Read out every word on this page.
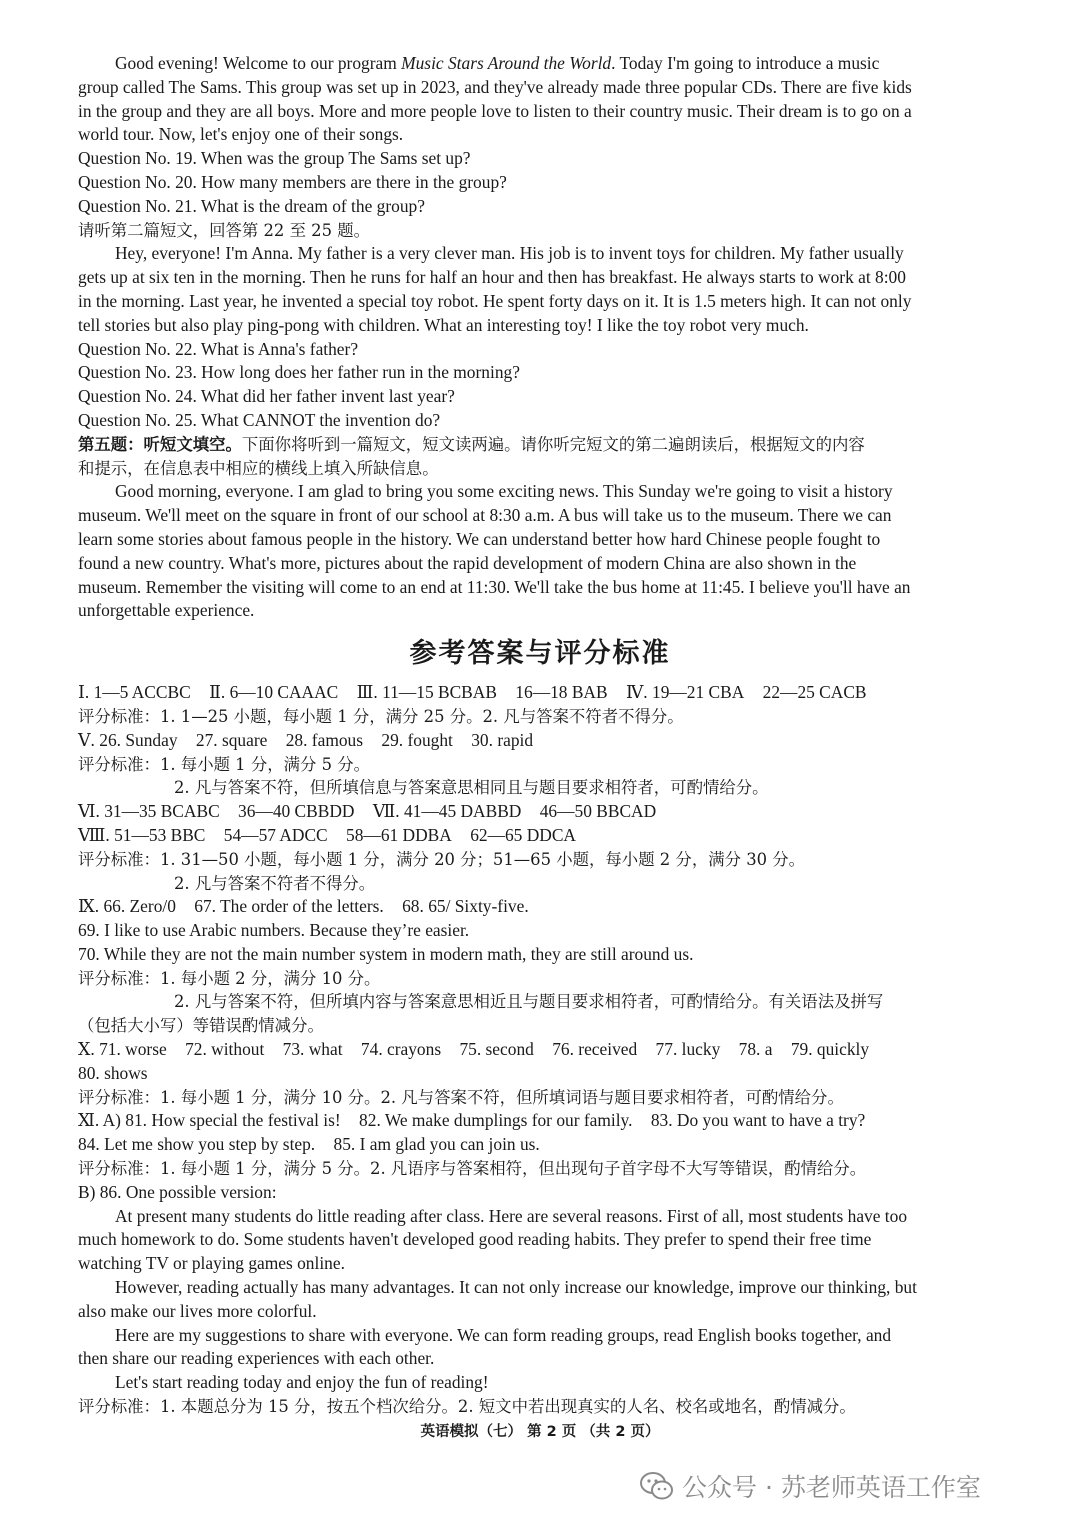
Good evening! Welcome to our program Music Stars Around the World. Today I'm going to introduce a music

group called The Sams. This group was set up in 2023, and they've already made three popular CDs. There are five kids

in the group and they are all boys. More and more people love to listen to their country music. Their dream is to go on a

world tour. Now, let's enjoy one of their songs.

Question No. 19. When was the group The Sams set up?

Question No. 20. How many members are there in the group?

Question No. 21. What is the dream of the group?

请听第二篇短文，回答第 22 至 25 题。

Hey, everyone! I'm Anna. My father is a very clever man. His job is to invent toys for children. My father usually

gets up at six ten in the morning. Then he runs for half an hour and then has breakfast. He always starts to work at 8:00

in the morning. Last year, he invented a special toy robot. He spent forty days on it. It is 1.5 meters high. It can not only

tell stories but also play ping-pong with children. What an interesting toy! I like the toy robot very much.

Question No. 22. What is Anna's father?

Question No. 23. How long does her father run in the morning?

Question No. 24. What did her father invent last year?

Question No. 25. What CANNOT the invention do?

第五题：听短文填空。下面你将听到一篇短文，短文读两遍。请你听完短文的第二遍朗读后，根据短文的内容

和提示，在信息表中相应的横线上填入所缺信息。

Good morning, everyone. I am glad to bring you some exciting news. This Sunday we're going to visit a history

museum. We'll meet on the square in front of our school at 8:30 a.m. A bus will take us to the museum. There we can

learn some stories about famous people in the history. We can understand better how hard Chinese people fought to

found a new country. What's more, pictures about the rapid development of modern China are also shown in the

museum. Remember the visiting will come to an end at 11:30. We'll take the bus home at 11:45. I believe you'll have an

unforgettable experience.

参考答案与评分标准

Ⅰ. 1—5 ACCBC Ⅱ. 6—10 CAAAC Ⅲ. 11—15 BCBAB 16—18 BAB Ⅳ. 19—21 CBA 22—25 CACB

评分标准：1. 1—25 小题，每小题 1 分，满分 25 分。2. 凡与答案不符者不得分。

Ⅴ. 26. Sunday 27. square 28. famous 29. fought 30. rapid

评分标准：1. 每小题 1 分，满分 5 分。

2. 凡与答案不符，但所填信息与答案意思相同且与题目要求相符者，可酌情给分。

Ⅵ. 31—35 BCABC 36—40 CBBDD Ⅶ. 41—45 DABBD 46—50 BBCAD

Ⅷ. 51—53 BBC 54—57 ADCC 58—61 DDBA 62—65 DDCA

评分标准：1. 31—50 小题，每小题 1 分，满分 20 分；51—65 小题，每小题 2 分，满分 30 分。

2. 凡与答案不符者不得分。

Ⅸ. 66. Zero/0 67. The order of the letters. 68. 65/ Sixty-five.

69. I like to use Arabic numbers. Because they’re easier.

70. While they are not the main number system in modern math, they are still around us.

评分标准：1. 每小题 2 分，满分 10 分。

2. 凡与答案不符，但所填内容与答案意思相近且与题目要求相符者，可酌情给分。有关语法及拼写

（包括大小写）等错误酌情减分。

Ⅹ. 71. worse 72. without 73. what 74. crayons 75. second 76. received 77. lucky 78. a 79. quickly

80. shows

评分标准：1. 每小题 1 分，满分 10 分。2. 凡与答案不符，但所填词语与题目要求相符者，可酌情给分。

Ⅺ. A) 81. How special the festival is! 82. We make dumplings for our family. 83. Do you want to have a try?

84. Let me show you step by step. 85. I am glad you can join us.

评分标准：1. 每小题 1 分，满分 5 分。2. 凡语序与答案相符，但出现句子首字母不大写等错误，酌情给分。

B) 86. One possible version:

At present many students do little reading after class. Here are several reasons. First of all, most students have too

much homework to do. Some students haven't developed good reading habits. They prefer to spend their free time

watching TV or playing games online.

However, reading actually has many advantages. It can not only increase our knowledge, improve our thinking, but

also make our lives more colorful.

Here are my suggestions to share with everyone. We can form reading groups, read English books together, and

then share our reading experiences with each other.

Let's start reading today and enjoy the fun of reading!

评分标准：1. 本题总分为 15 分，按五个档次给分。2. 短文中若出现真实的人名、校名或地名，酌情减分。

英语模拟（七） 第 2 页 （共 2 页）
公众号 · 苏老师英语工作室
